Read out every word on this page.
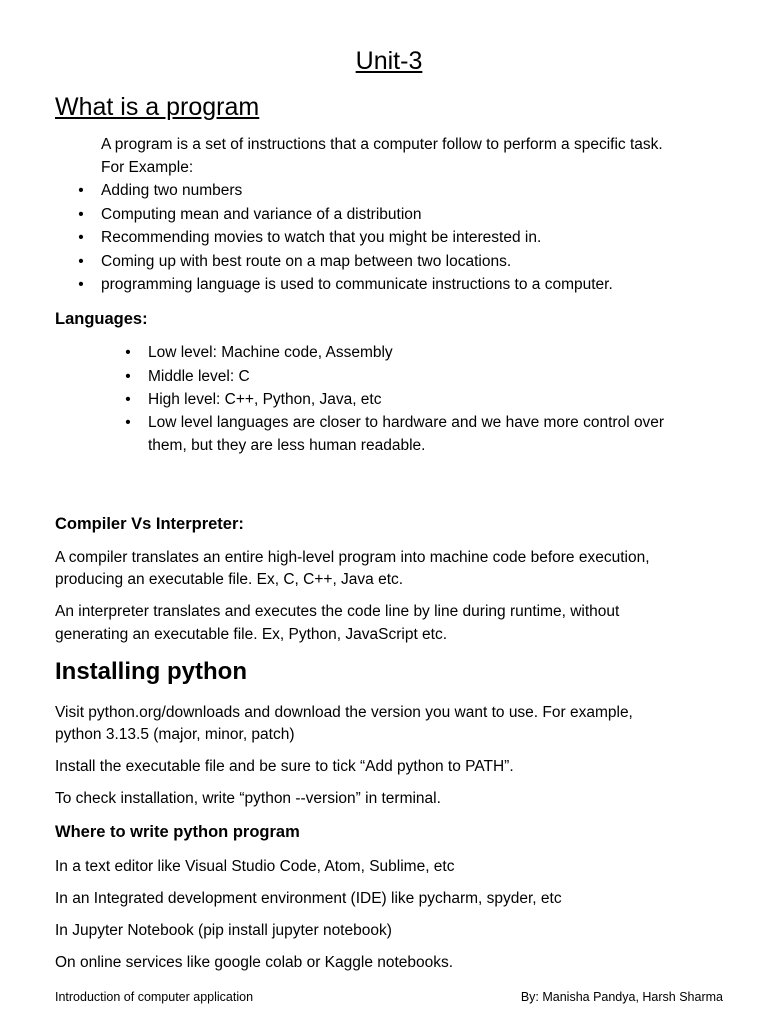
Unit-3
What is a program
A program is a set of instructions that a computer follow to perform a specific task.
For Example:
• Adding two numbers
• Computing mean and variance of a distribution
• Recommending movies to watch that you might be interested in.
• Coming up with best route on a map between two locations.
• programming language is used to communicate instructions to a computer.
Languages:
• Low level: Machine code, Assembly
• Middle level: C
• High level: C++, Python, Java, etc
• Low level languages are closer to hardware and we have more control over
them, but they are less human readable.
Compiler Vs Interpreter:
A compiler translates an entire high-level program into machine code before execution,
producing an executable file. Ex, C, C++, Java etc.
An interpreter translates and executes the code line by line during runtime, without
generating an executable file. Ex, Python, JavaScript etc.
Installing python
Visit python.org/downloads and download the version you want to use. For example,
python 3.13.5 (major, minor, patch)
Install the executable file and be sure to tick “Add python to PATH”.
To check installation, write “python --version” in terminal.
Where to write python program
In a text editor like Visual Studio Code, Atom, Sublime, etc
In an Integrated development environment (IDE) like pycharm, spyder, etc
In Jupyter Notebook (pip install jupyter notebook)
On online services like google colab or Kaggle notebooks.
Introduction of computer application	By: Manisha Pandya, Harsh Sharma
